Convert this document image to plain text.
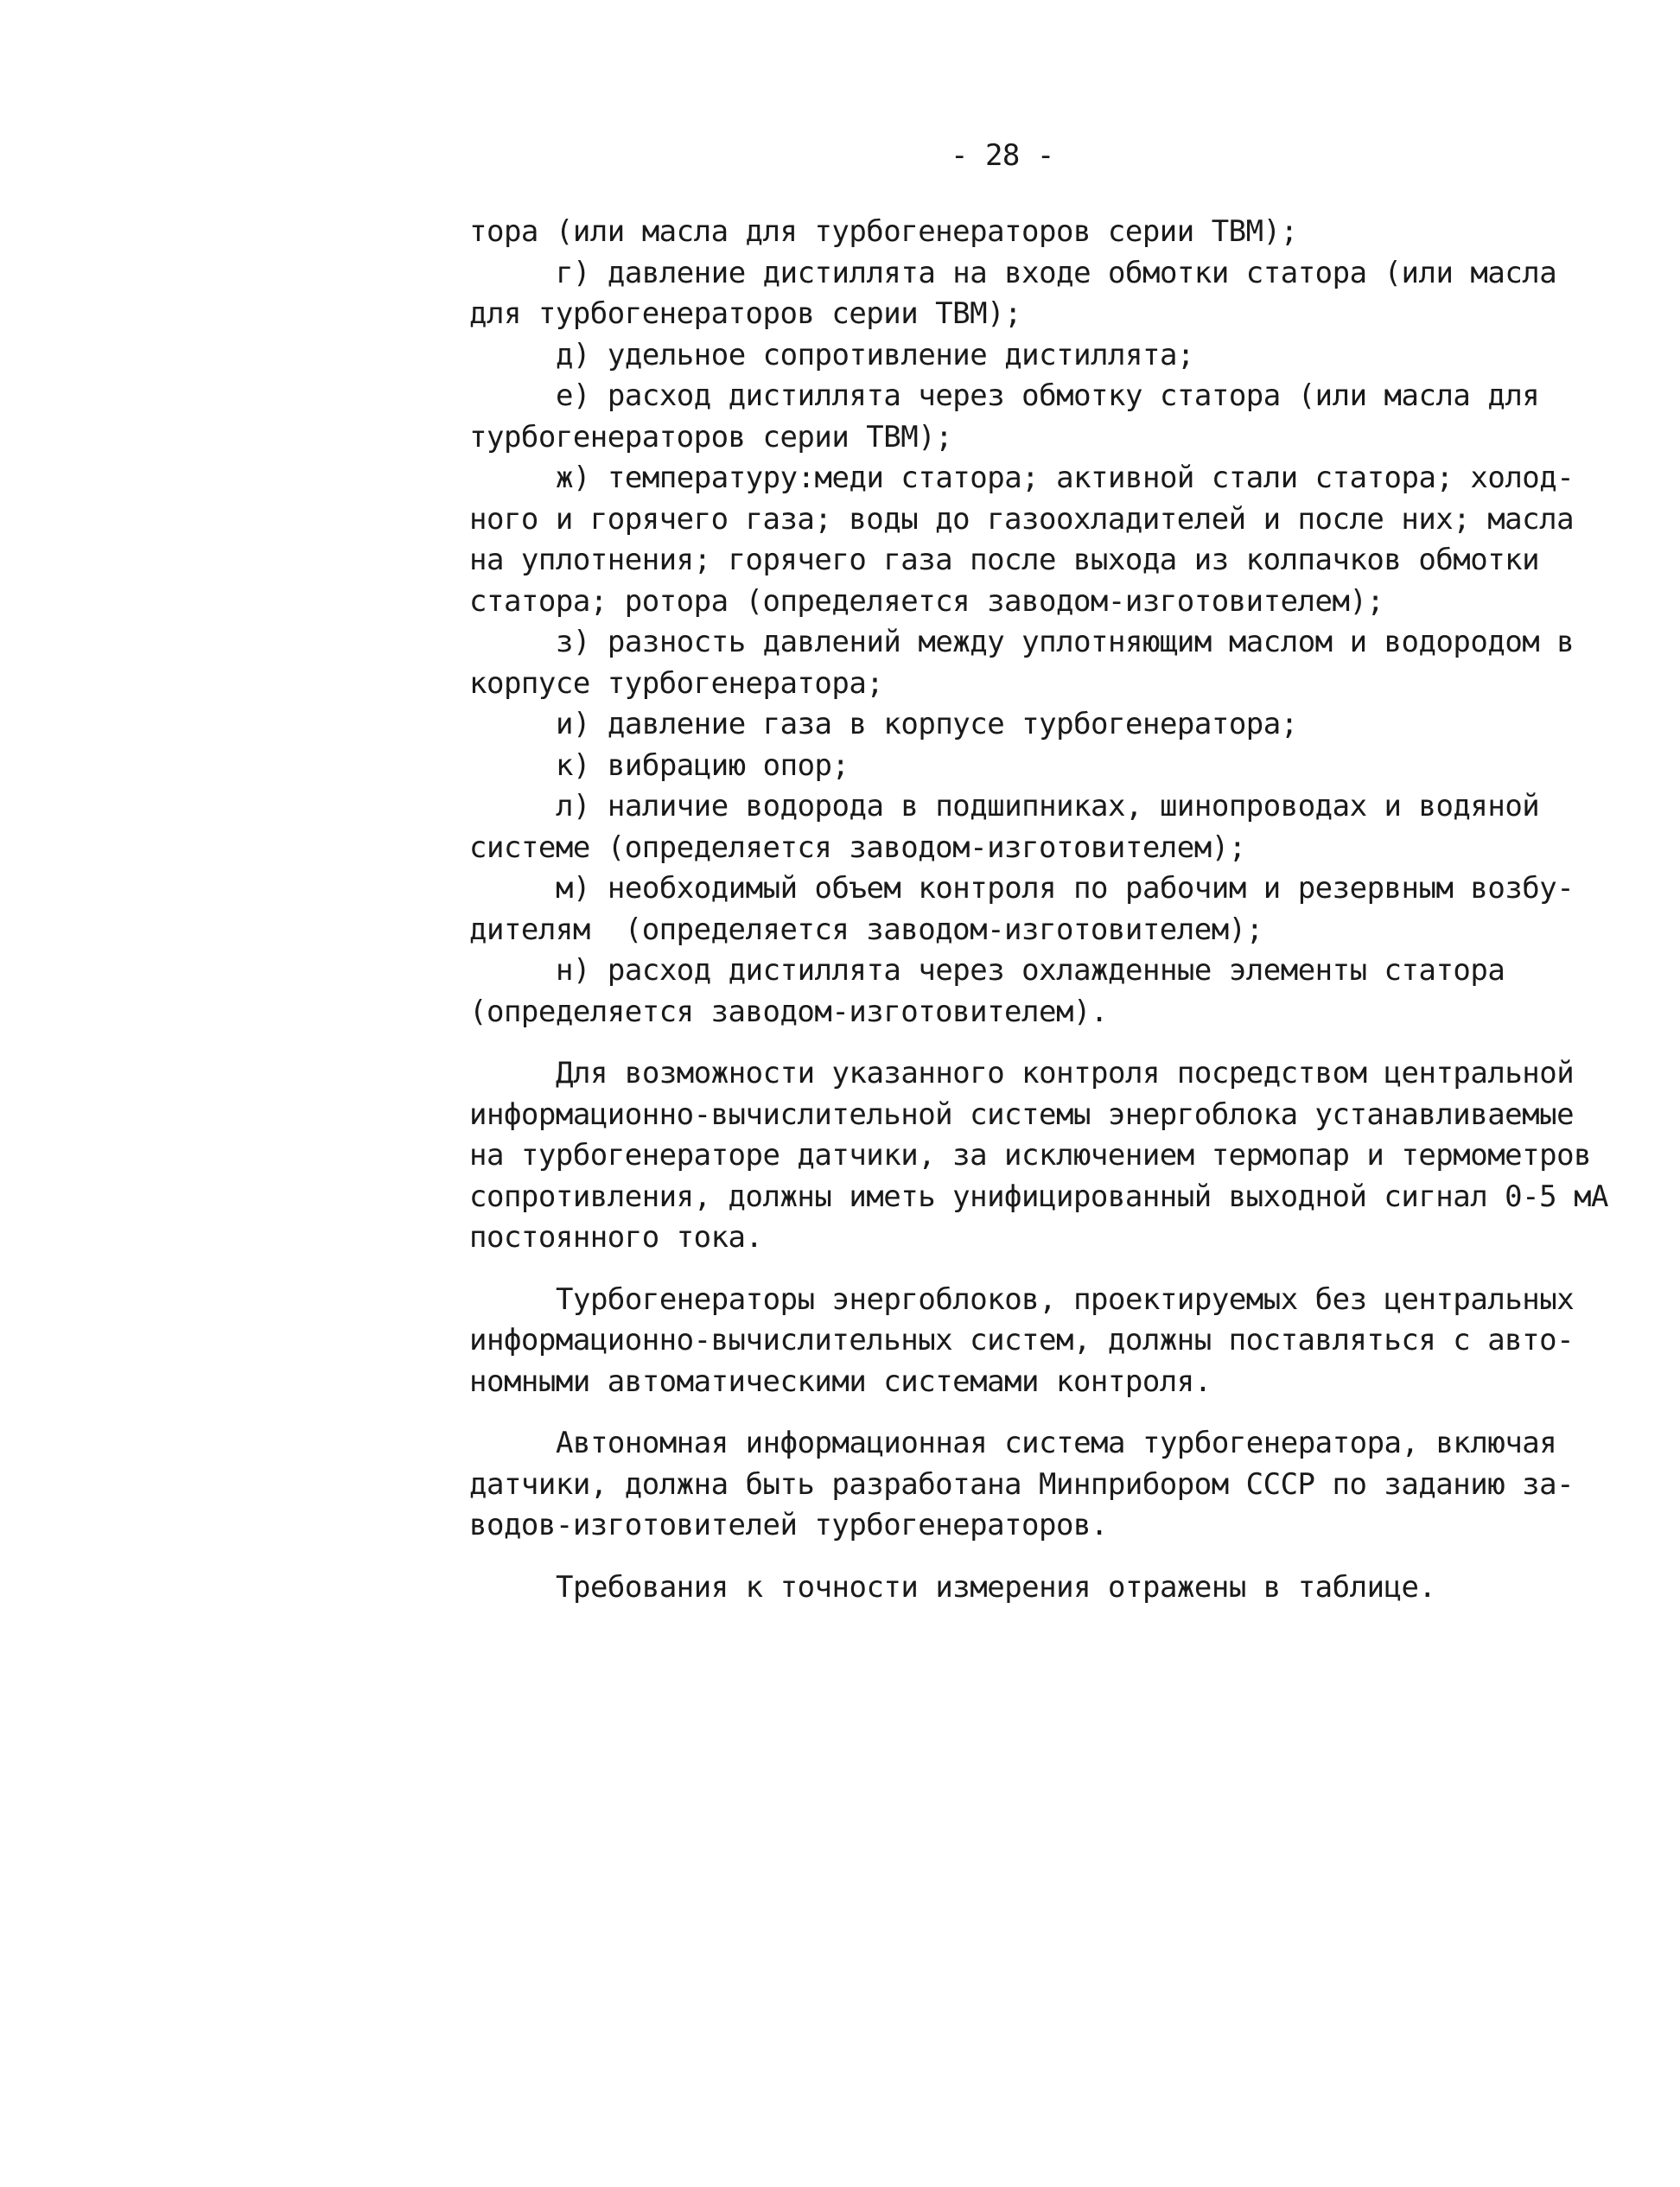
- 28 -
тора (или масла для турбогенераторов серии ТВМ);
г) давление дистиллята на входе обмотки статора (или масла
для турбогенераторов серии ТВМ);
д) удельное сопротивление дистиллята;
е) расход дистиллята через обмотку статора (или масла для
турбогенераторов серии ТВМ);
ж) температуру:меди статора; активной стали статора; холод-
ного и горячего газа; воды до газоохладителей и после них; масла
на уплотнения; горячего газа после выхода из колпачков обмотки
статора; ротора (определяется заводом-изготовителем);
з) разность давлений между уплотняющим маслом и водородом в
корпусе турбогенератора;
и) давление газа в корпусе турбогенератора;
к) вибрацию опор;
л) наличие водорода в подшипниках, шинопроводах и водяной
системе (определяется заводом-изготовителем);
м) необходимый объем контроля по рабочим и резервным возбу-
дителям  (определяется заводом-изготовителем);
н) расход дистиллята через охлажденные элементы статора
(определяется заводом-изготовителем).
Для возможности указанного контроля посредством центральной
информационно-вычислительной системы энергоблока устанавливаемые
на турбогенераторе датчики, за исключением термопар и термометров
сопротивления, должны иметь унифицированный выходной сигнал 0-5 мА
постоянного тока.
Турбогенераторы энергоблоков, проектируемых без центральных
информационно-вычислительных систем, должны поставляться с авто-
номными автоматическими системами контроля.
Автономная информационная система турбогенератора, включая
датчики, должна быть разработана Минприбором СССР по заданию за-
водов-изготовителей турбогенераторов.
Требования к точности измерения отражены в таблице.
